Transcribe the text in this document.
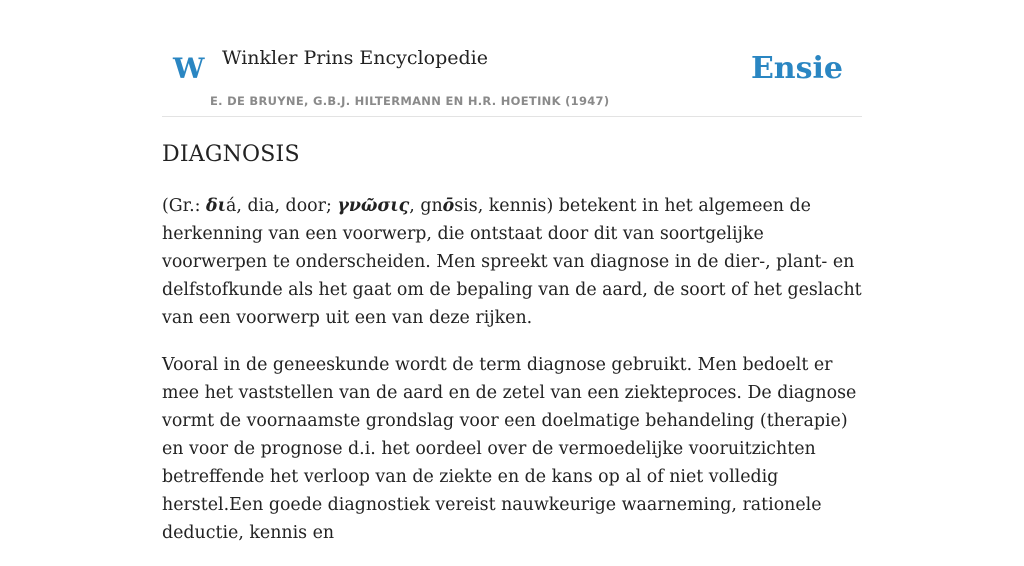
W Winkler Prins Encyclopedie
E. DE BRUYNE, G.B.J. HILTERMANN EN H.R. HOETINK (1947)
Ensie
DIAGNOSIS

(Gr.: διá, dia, door; γνῶσις, gnōsis, kennis) betekent in het algemeen de herkenning van een voorwerp, die ontstaat door dit van soortgelijke voorwerpen te onderscheiden. Men spreekt van diagnose in de dier-, plant- en delfstofkunde als het gaat om de bepaling van de aard, de soort of het geslacht van een voorwerp uit een van deze rijken.

Vooral in de geneeskunde wordt de term diagnose gebruikt. Men bedoelt er mee het vaststellen van de aard en de zetel van een ziekteproces. De diagnose vormt de voornaamste grondslag voor een doelmatige behandeling (therapie) en voor de prognose d.i. het oordeel over de vermoedelijke vooruitzichten betreffende het verloop van de ziekte en de kans op al of niet volledig herstel.Een goede diagnostiek vereist nauwkeurige waarneming, rationele deductie, kennis en
